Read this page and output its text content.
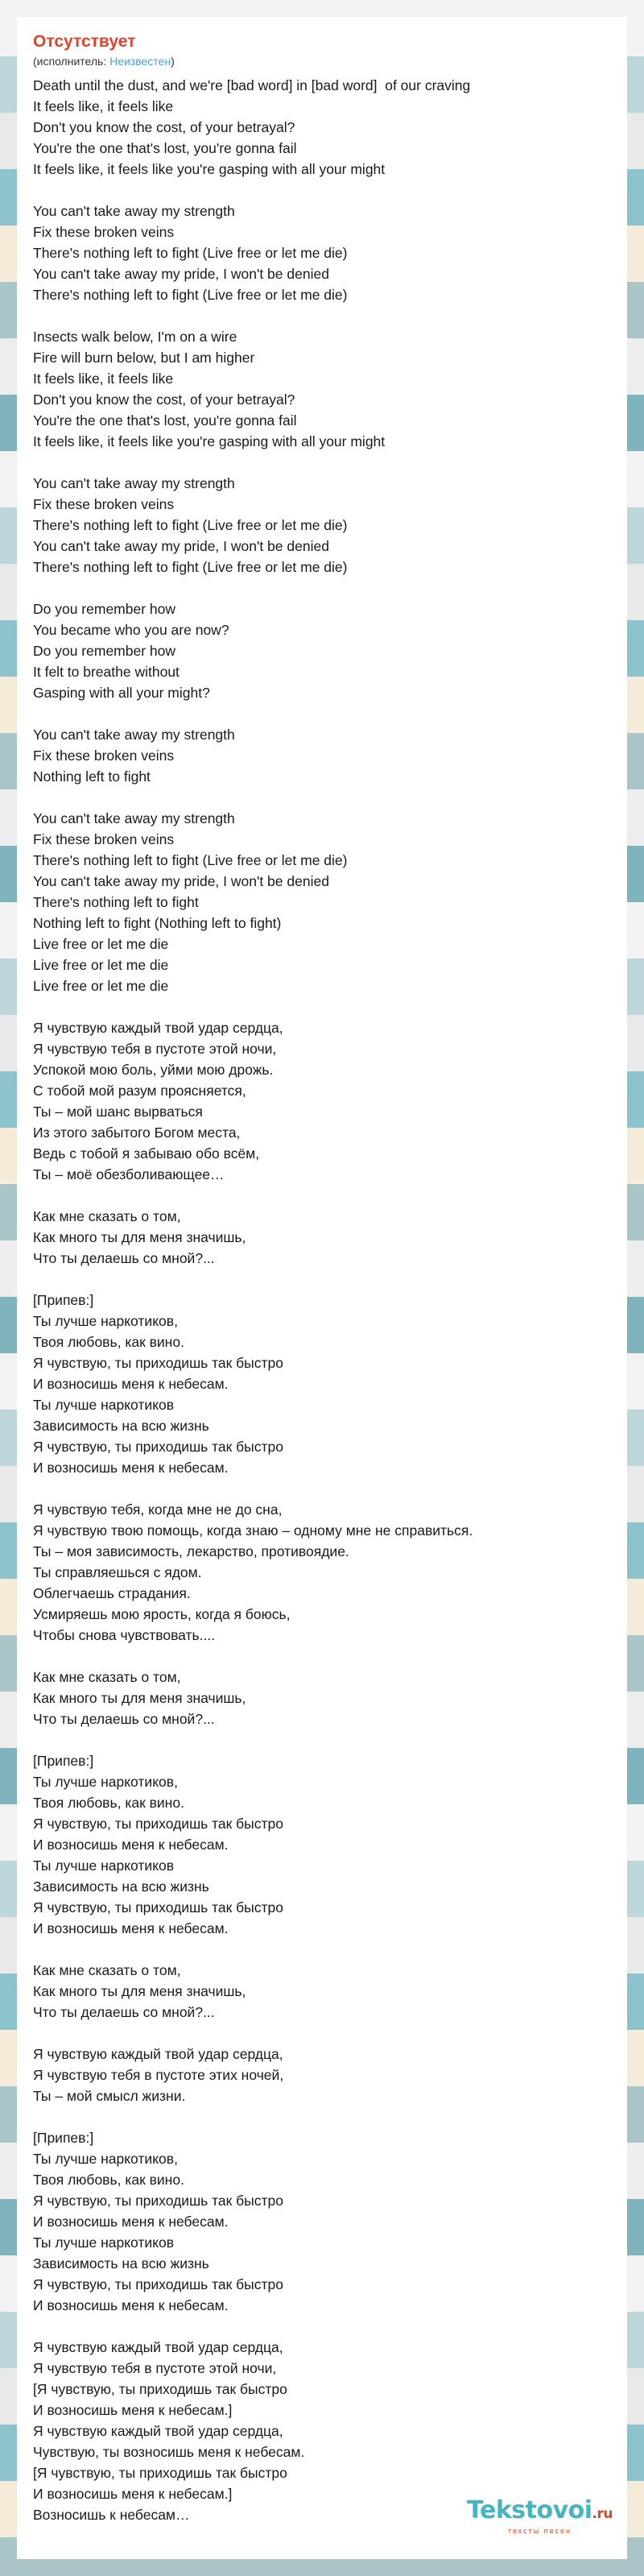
Отсутствует
(исполнитель: Неизвестен)
Death until the dust, and we're [bad word] in [bad word]  of our craving
It feels like, it feels like
Don't you know the cost, of your betrayal?
You're the one that's lost, you're gonna fail
It feels like, it feels like you're gasping with all your might
You can't take away my strength
Fix these broken veins
There's nothing left to fight (Live free or let me die)
You can't take away my pride, I won't be denied
There's nothing left to fight (Live free or let me die)
Insects walk below, I'm on a wire
Fire will burn below, but I am higher
It feels like, it feels like
Don't you know the cost, of your betrayal?
You're the one that's lost, you're gonna fail
It feels like, it feels like you're gasping with all your might
You can't take away my strength
Fix these broken veins
There's nothing left to fight (Live free or let me die)
You can't take away my pride, I won't be denied
There's nothing left to fight (Live free or let me die)
Do you remember how
You became who you are now?
Do you remember how
It felt to breathe without
Gasping with all your might?
You can't take away my strength
Fix these broken veins
Nothing left to fight
You can't take away my strength
Fix these broken veins
There's nothing left to fight (Live free or let me die)
You can't take away my pride, I won't be denied
There's nothing left to fight
Nothing left to fight (Nothing left to fight)
Live free or let me die
Live free or let me die
Live free or let me die
Я чувствую каждый твой удар сердца,
Я чувствую тебя в пустоте этой ночи,
Успокой мою боль, уйми мою дрожь.
С тобой мой разум проясняется,
Ты – мой шанс вырваться
Из этого забытого Богом места,
Ведь с тобой я забываю обо всём,
Ты – моё обезболивающее…
Как мне сказать о том,
Как много ты для меня значишь,
Что ты делаешь со мной?...
[Припев:]
Ты лучше наркотиков,
Твоя любовь, как вино.
Я чувствую, ты приходишь так быстро
И возносишь меня к небесам.
Ты лучше наркотиков
Зависимость на всю жизнь
Я чувствую, ты приходишь так быстро
И возносишь меня к небесам.
Я чувствую тебя, когда мне не до сна,
Я чувствую твою помощь, когда знаю – одному мне не справиться.
Ты – моя зависимость, лекарство, противоядие.
Ты справляешься с ядом.
Облегчаешь страдания.
Усмиряешь мою ярость, когда я боюсь,
Чтобы снова чувствовать....
Как мне сказать о том,
Как много ты для меня значишь,
Что ты делаешь со мной?...
[Припев:]
Ты лучше наркотиков,
Твоя любовь, как вино.
Я чувствую, ты приходишь так быстро
И возносишь меня к небесам.
Ты лучше наркотиков
Зависимость на всю жизнь
Я чувствую, ты приходишь так быстро
И возносишь меня к небесам.
Как мне сказать о том,
Как много ты для меня значишь,
Что ты делаешь со мной?...
Я чувствую каждый твой удар сердца,
Я чувствую тебя в пустоте этих ночей,
Ты – мой смысл жизни.
[Припев:]
Ты лучше наркотиков,
Твоя любовь, как вино.
Я чувствую, ты приходишь так быстро
И возносишь меня к небесам.
Ты лучше наркотиков
Зависимость на всю жизнь
Я чувствую, ты приходишь так быстро
И возносишь меня к небесам.
Я чувствую каждый твой удар сердца,
Я чувствую тебя в пустоте этой ночи,
[Я чувствую, ты приходишь так быстро
И возносишь меня к небесам.]
Я чувствую каждый твой удар сердца,
Чувствую, ты возносишь меня к небесам.
[Я чувствую, ты приходишь так быстро
И возносишь меня к небесам.]
Возносишь к небесам…	Tekstovoi.ru
тексты песен
